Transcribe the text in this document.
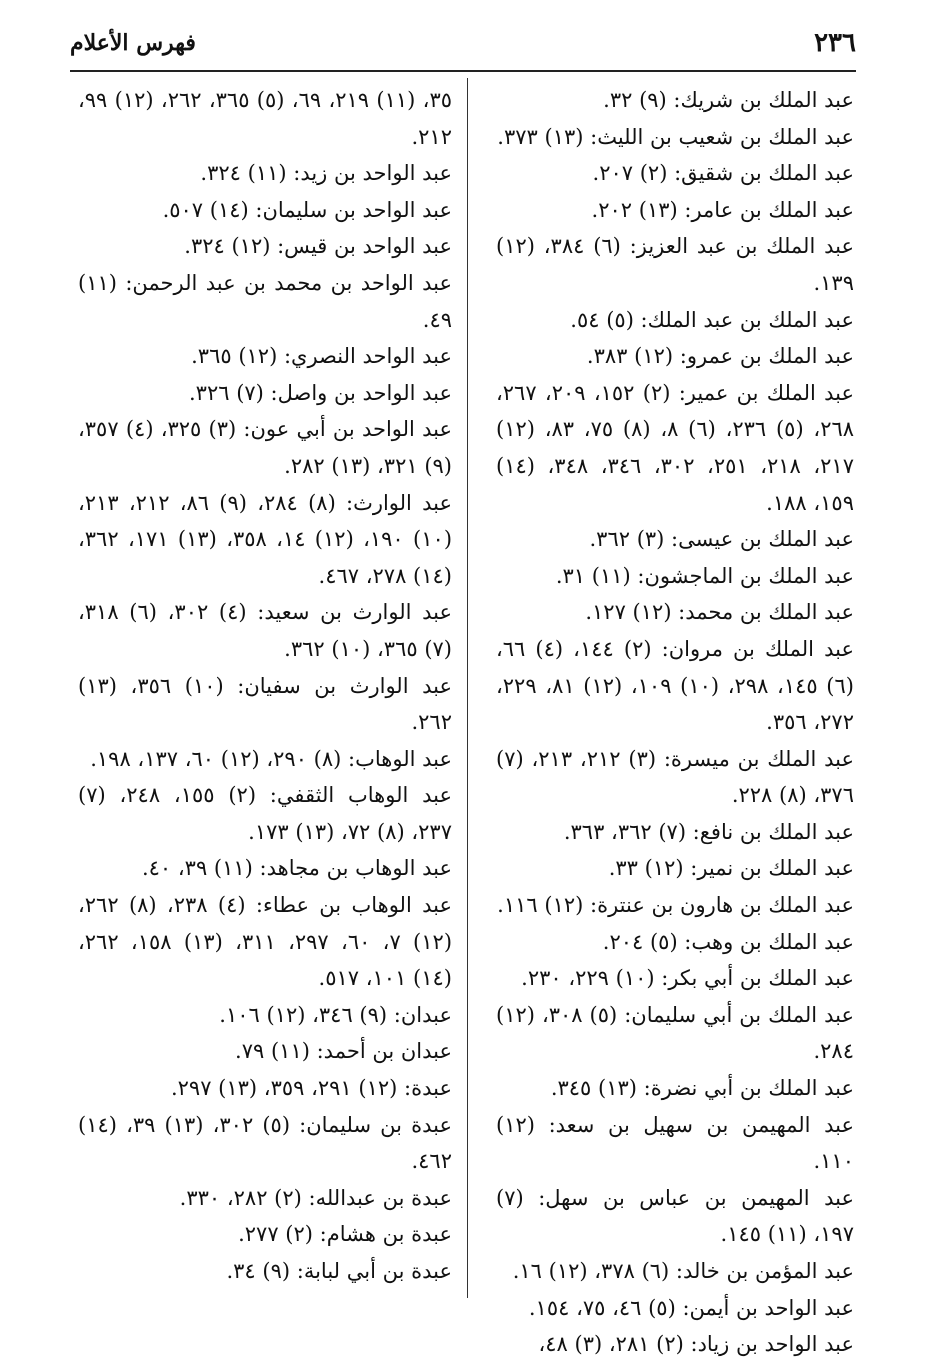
٢٣٦
فهرس الأعلام

عبد الملك بن شريك: (٩) ٣٢.

عبد الملك بن شعيب بن الليث: (١٣) ٣٧٣.

عبد الملك بن شقيق: (٢) ٢٠٧.

عبد الملك بن عامر: (١٣) ٢٠٢.

عبد الملك بن عبد العزيز: (٦) ٣٨٤، (١٢) ١٣٩.

عبد الملك بن عبد الملك: (٥) ٥٤.

عبد الملك بن عمرو: (١٢) ٣٨٣.

عبد الملك بن عمير: (٢) ١٥٢، ٢٠٩، ٢٦٧، ٢٦٨، (٥) ٢٣٦، (٦) ٨، (٨) ٧٥، ٨٣، (١٢) ٢١٧، ٢١٨، ٢٥١، ٣٠٢، ٣٤٦، ٣٤٨، (١٤) ١٥٩، ١٨٨.

عبد الملك بن عيسى: (٣) ٣٦٢.

عبد الملك بن الماجشون: (١١) ٣١.

عبد الملك بن محمد: (١٢) ١٢٧.

عبد الملك بن مروان: (٢) ١٤٤، (٤) ٦٦، (٦) ١٤٥، ٢٩٨، (١٠) ١٠٩، (١٢) ٨١، ٢٢٩، ٢٧٢، ٣٥٦.

عبد الملك بن ميسرة: (٣) ٢١٢، ٢١٣، (٧) ٣٧٦، (٨) ٢٢٨.

عبد الملك بن نافع: (٧) ٣٦٢، ٣٦٣.

عبد الملك بن نمير: (١٢) ٣٣.

عبد الملك بن هارون بن عنترة: (١٢) ١١٦.

عبد الملك بن وهب: (٥) ٢٠٤.

عبد الملك بن أبي بكر: (١٠) ٢٢٩، ٢٣٠.

عبد الملك بن أبي سليمان: (٥) ٣٠٨، (١٢) ٢٨٤.

عبد الملك بن أبي نضرة: (١٣) ٣٤٥.

عبد المهيمن بن سهيل بن سعد: (١٢) ١١٠.

عبد المهيمن بن عباس بن سهل: (٧) ١٩٧، (١١) ١٤٥.

عبد المؤمن بن خالد: (٦) ٣٧٨، (١٢) ١٦.

عبد الواحد بن أيمن: (٥) ٤٦، ٧٥، ١٥٤.

عبد الواحد بن زياد: (٢) ٢٨١، (٣) ٤٨،

٣٥، (١١) ٢١٩، ٦٩، (٥) ٣٦٥، ٢٦٢، (١٢) ٩٩، ٢١٢.

عبد الواحد بن زيد: (١١) ٣٢٤.

عبد الواحد بن سليمان: (١٤) ٥٠٧.

عبد الواحد بن قيس: (١٢) ٣٢٤.

عبد الواحد بن محمد بن عبد الرحمن: (١١) ٤٩.

عبد الواحد النصري: (١٢) ٣٦٥.

عبد الواحد بن واصل: (٧) ٣٢٦.

عبد الواحد بن أبي عون: (٣) ٣٢٥، (٤) ٣٥٧، (٩) ٣٢١، (١٣) ٢٨٢.

عبد الوارث: (٨) ٢٨٤، (٩) ٨٦، ٢١٢، ٢١٣، (١٠) ١٩٠، (١٢) ١٤، ٣٥٨، (١٣) ١٧١، ٣٦٢، (١٤) ٢٧٨، ٤٦٧.

عبد الوارث بن سعيد: (٤) ٣٠٢، (٦) ٣١٨، (٧) ٣٦٥، (١٠) ٣٦٢.

عبد الوارث بن سفيان: (١٠) ٣٥٦، (١٣) ٢٦٢.

عبد الوهاب: (٨) ٢٩٠، (١٢) ٦٠، ١٣٧، ١٩٨.

عبد الوهاب الثقفي: (٢) ١٥٥، ٢٤٨، (٧) ٢٣٧، (٨) ٧٢، (١٣) ١٧٣.

عبد الوهاب بن مجاهد: (١١) ٣٩، ٤٠.

عبد الوهاب بن عطاء: (٤) ٢٣٨، (٨) ٢٦٢، (١٢) ٧، ٦٠، ٢٩٧، ٣١١، (١٣) ١٥٨، ٢٦٢، (١٤) ١٠١، ٥١٧.

عبدان: (٩) ٣٤٦، (١٢) ١٠٦.

عبدان بن أحمد: (١١) ٧٩.

عبدة: (١٢) ٢٩١، ٣٥٩، (١٣) ٢٩٧.

عبدة بن سليمان: (٥) ٣٠٢، (١٣) ٣٩، (١٤) ٤٦٢.

عبدة بن عبدالله: (٢) ٢٨٢، ٣٣٠.

عبدة بن هشام: (٢) ٢٧٧.

عبدة بن أبي لبابة: (٩) ٣٤.
